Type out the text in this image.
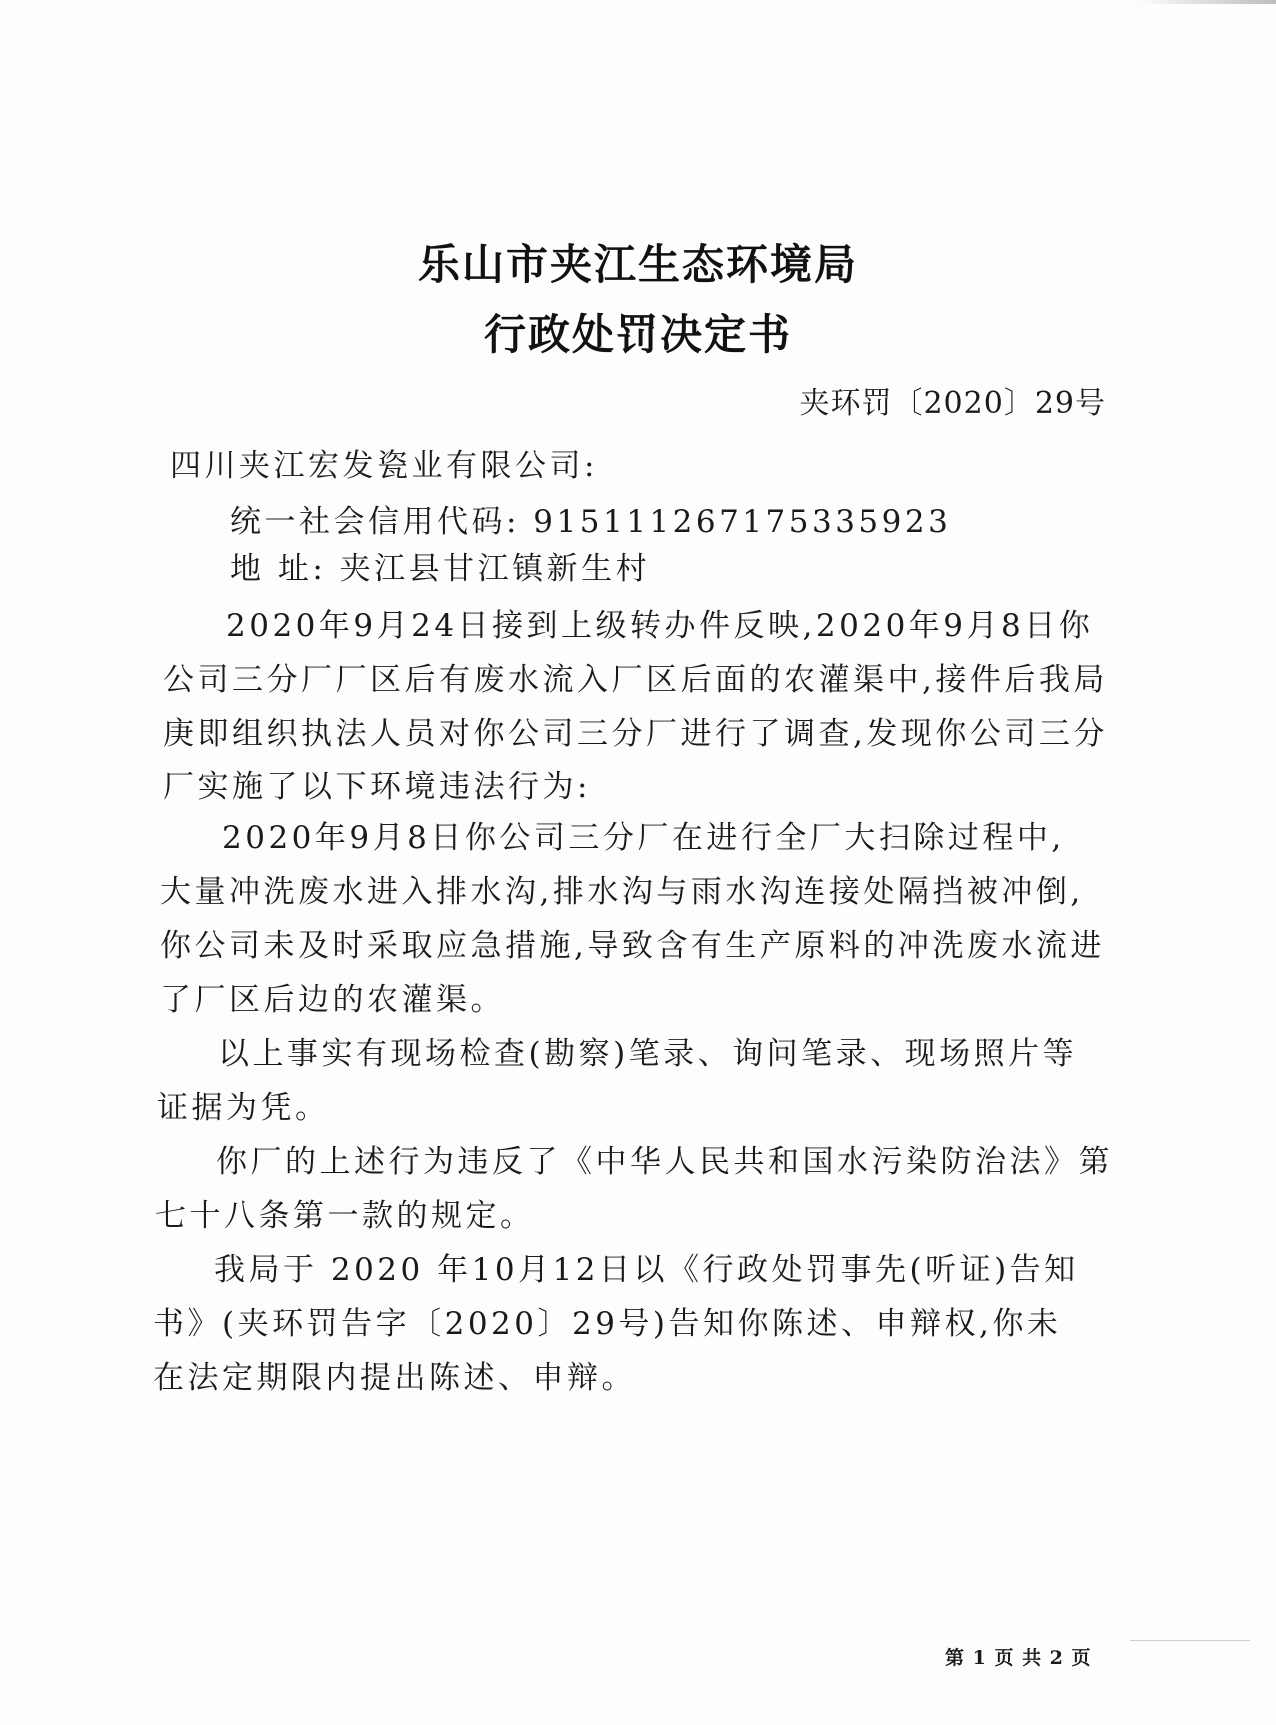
乐山市夹江生态环境局
行政处罚决定书
夹环罚〔2020〕29号
四川夹江宏发瓷业有限公司:
统一社会信用代码: 915111267175335923
地 址: 夹江县甘江镇新生村
2020年9月24日接到上级转办件反映,2020年9月8日你
公司三分厂厂区后有废水流入厂区后面的农灌渠中,接件后我局
庚即组织执法人员对你公司三分厂进行了调查,发现你公司三分
厂实施了以下环境违法行为:
2020年9月8日你公司三分厂在进行全厂大扫除过程中,
大量冲洗废水进入排水沟,排水沟与雨水沟连接处隔挡被冲倒,
你公司未及时采取应急措施,导致含有生产原料的冲洗废水流进
了厂区后边的农灌渠。
以上事实有现场检查(勘察)笔录、询问笔录、现场照片等
证据为凭。
你厂的上述行为违反了《中华人民共和国水污染防治法》第
七十八条第一款的规定。
我局于 2020 年10月12日以《行政处罚事先(听证)告知
书》(夹环罚告字〔2020〕29号)告知你陈述、申辩权,你未
在法定期限内提出陈述、申辩。
第 1 页 共 2 页
